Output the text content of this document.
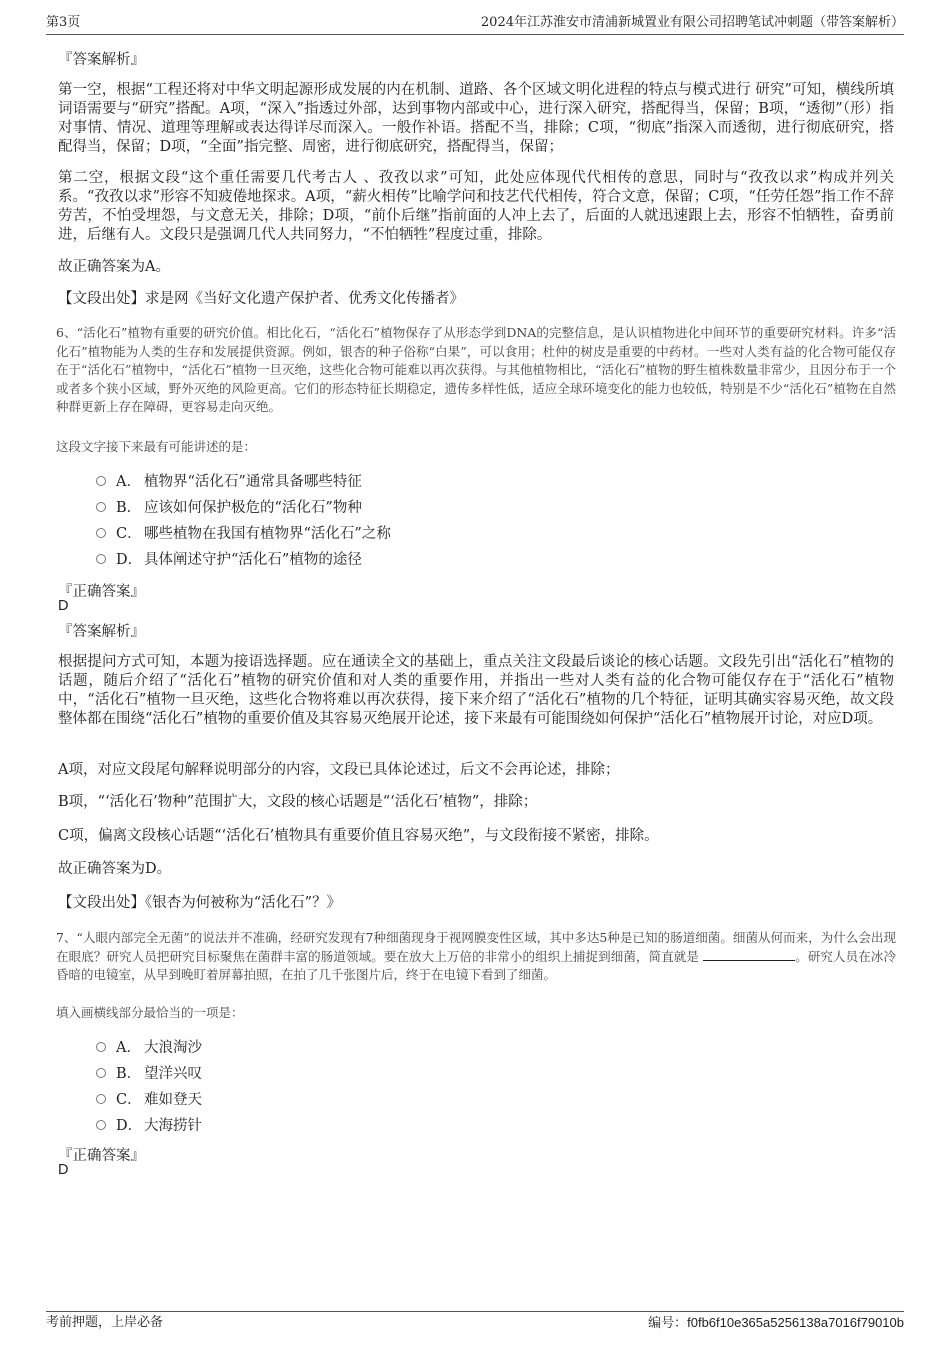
第3页	2024年江苏淮安市清浦新城置业有限公司招聘笔试冲刺题（带答案解析）
『答案解析』
第一空，根据“工程还将对中华文明起源形成发展的内在机制、道路、各个区域文明化进程的特点与模式进行 研究”可知，横线所填词语需要与“研究”搭配。A项，“深入”指透过外部，达到事物内部或中心，进行深入研究，搭配得当，保留；B项，“透彻”（形）指对事情、情况、道理等理解或表达得详尽而深入。一般作补语。搭配不当，排除；C项，“彻底”指深入而透彻，进行彻底研究，搭配得当，保留；D项，“全面”指完整、周密，进行彻底研究，搭配得当，保留；
第二空，根据文段“这个重任需要几代考古人 、孜孜以求”可知，此处应体现代代相传的意思，同时与“孜孜以求”构成并列关系。“孜孜以求”形容不知疲倦地探求。A项，“薪火相传”比喻学问和技艺代代相传，符合文意，保留；C项，“任劳任怨”指工作不辞劳苦，不怕受埋怨，与文意无关，排除；D项，“前仆后继”指前面的人冲上去了，后面的人就迅速跟上去，形容不怕牺牲，奋勇前进，后继有人。文段只是强调几代人共同努力，“不怕牺牲”程度过重，排除。
故正确答案为A。
【文段出处】求是网《当好文化遗产保护者、优秀文化传播者》
6、“活化石”植物有重要的研究价值。相比化石，“活化石”植物保存了从形态学到DNA的完整信息，是认识植物进化中间环节的重要研究材料。许多“活化石”植物能为人类的生存和发展提供资源。例如，银杏的种子俗称“白果”，可以食用；杜仲的树皮是重要的中药材。一些对人类有益的化合物可能仅存在于“活化石”植物中，“活化石”植物一旦灭绝，这些化合物可能难以再次获得。与其他植物相比，“活化石”植物的野生植株数量非常少，且因分布于一个或者多个狭小区域，野外灭绝的风险更高。它们的形态特征长期稳定，遗传多样性低，适应全球环境变化的能力也较低，特别是不少“活化石”植物在自然种群更新上存在障碍，更容易走向灭绝。
这段文字接下来最有可能讲述的是：
A． 植物界“活化石”通常具备哪些特征
B． 应该如何保护极危的“活化石”物种
C． 哪些植物在我国有植物界“活化石”之称
D． 具体阐述守护“活化石”植物的途径
『正确答案』
D
『答案解析』
根据提问方式可知，本题为接语选择题。应在通读全文的基础上，重点关注文段最后谈论的核心话题。文段先引出“活化石”植物的话题，随后介绍了“活化石”植物的研究价值和对人类的重要作用，并指出一些对人类有益的化合物可能仅存在于“活化石”植物中，“活化石”植物一旦灭绝，这些化合物将难以再次获得，接下来介绍了“活化石”植物的几个特征，证明其确实容易灭绝，故文段整体都在围绕“活化石”植物的重要价值及其容易灭绝展开论述，接下来最有可能围绕如何保护“活化石”植物展开讨论，对应D项。
A项，对应文段尾句解释说明部分的内容，文段已具体论述过，后文不会再论述，排除；
B项，“‘活化石’物种”范围扩大，文段的核心话题是“‘活化石’植物”，排除；
C项，偏离文段核心话题“‘活化石’植物具有重要价值且容易灭绝”，与文段衔接不紧密，排除。
故正确答案为D。
【文段出处】《银杏为何被称为“活化石”？》
7、“人眼内部完全无菌”的说法并不准确，经研究发现有7种细菌现身于视网膜变性区域，其中多达5种是已知的肠道细菌。细菌从何而来，为什么会出现在眼底？研究人员把研究目标聚焦在菌群丰富的肠道领域。要在放大上万倍的非常小的组织上捕捉到细菌，简直就是	。研究人员在冰冷昏暗的电镜室，从早到晚盯着屏幕拍照，在拍了几千张图片后，终于在电镜下看到了细菌。
填入画横线部分最恰当的一项是：
A． 大浪淘沙
B． 望洋兴叹
C． 难如登天
D． 大海捞针
『正确答案』
D
考前押题，上岸必备	编号：f0fb6f10e365a5256138a7016f79010b
